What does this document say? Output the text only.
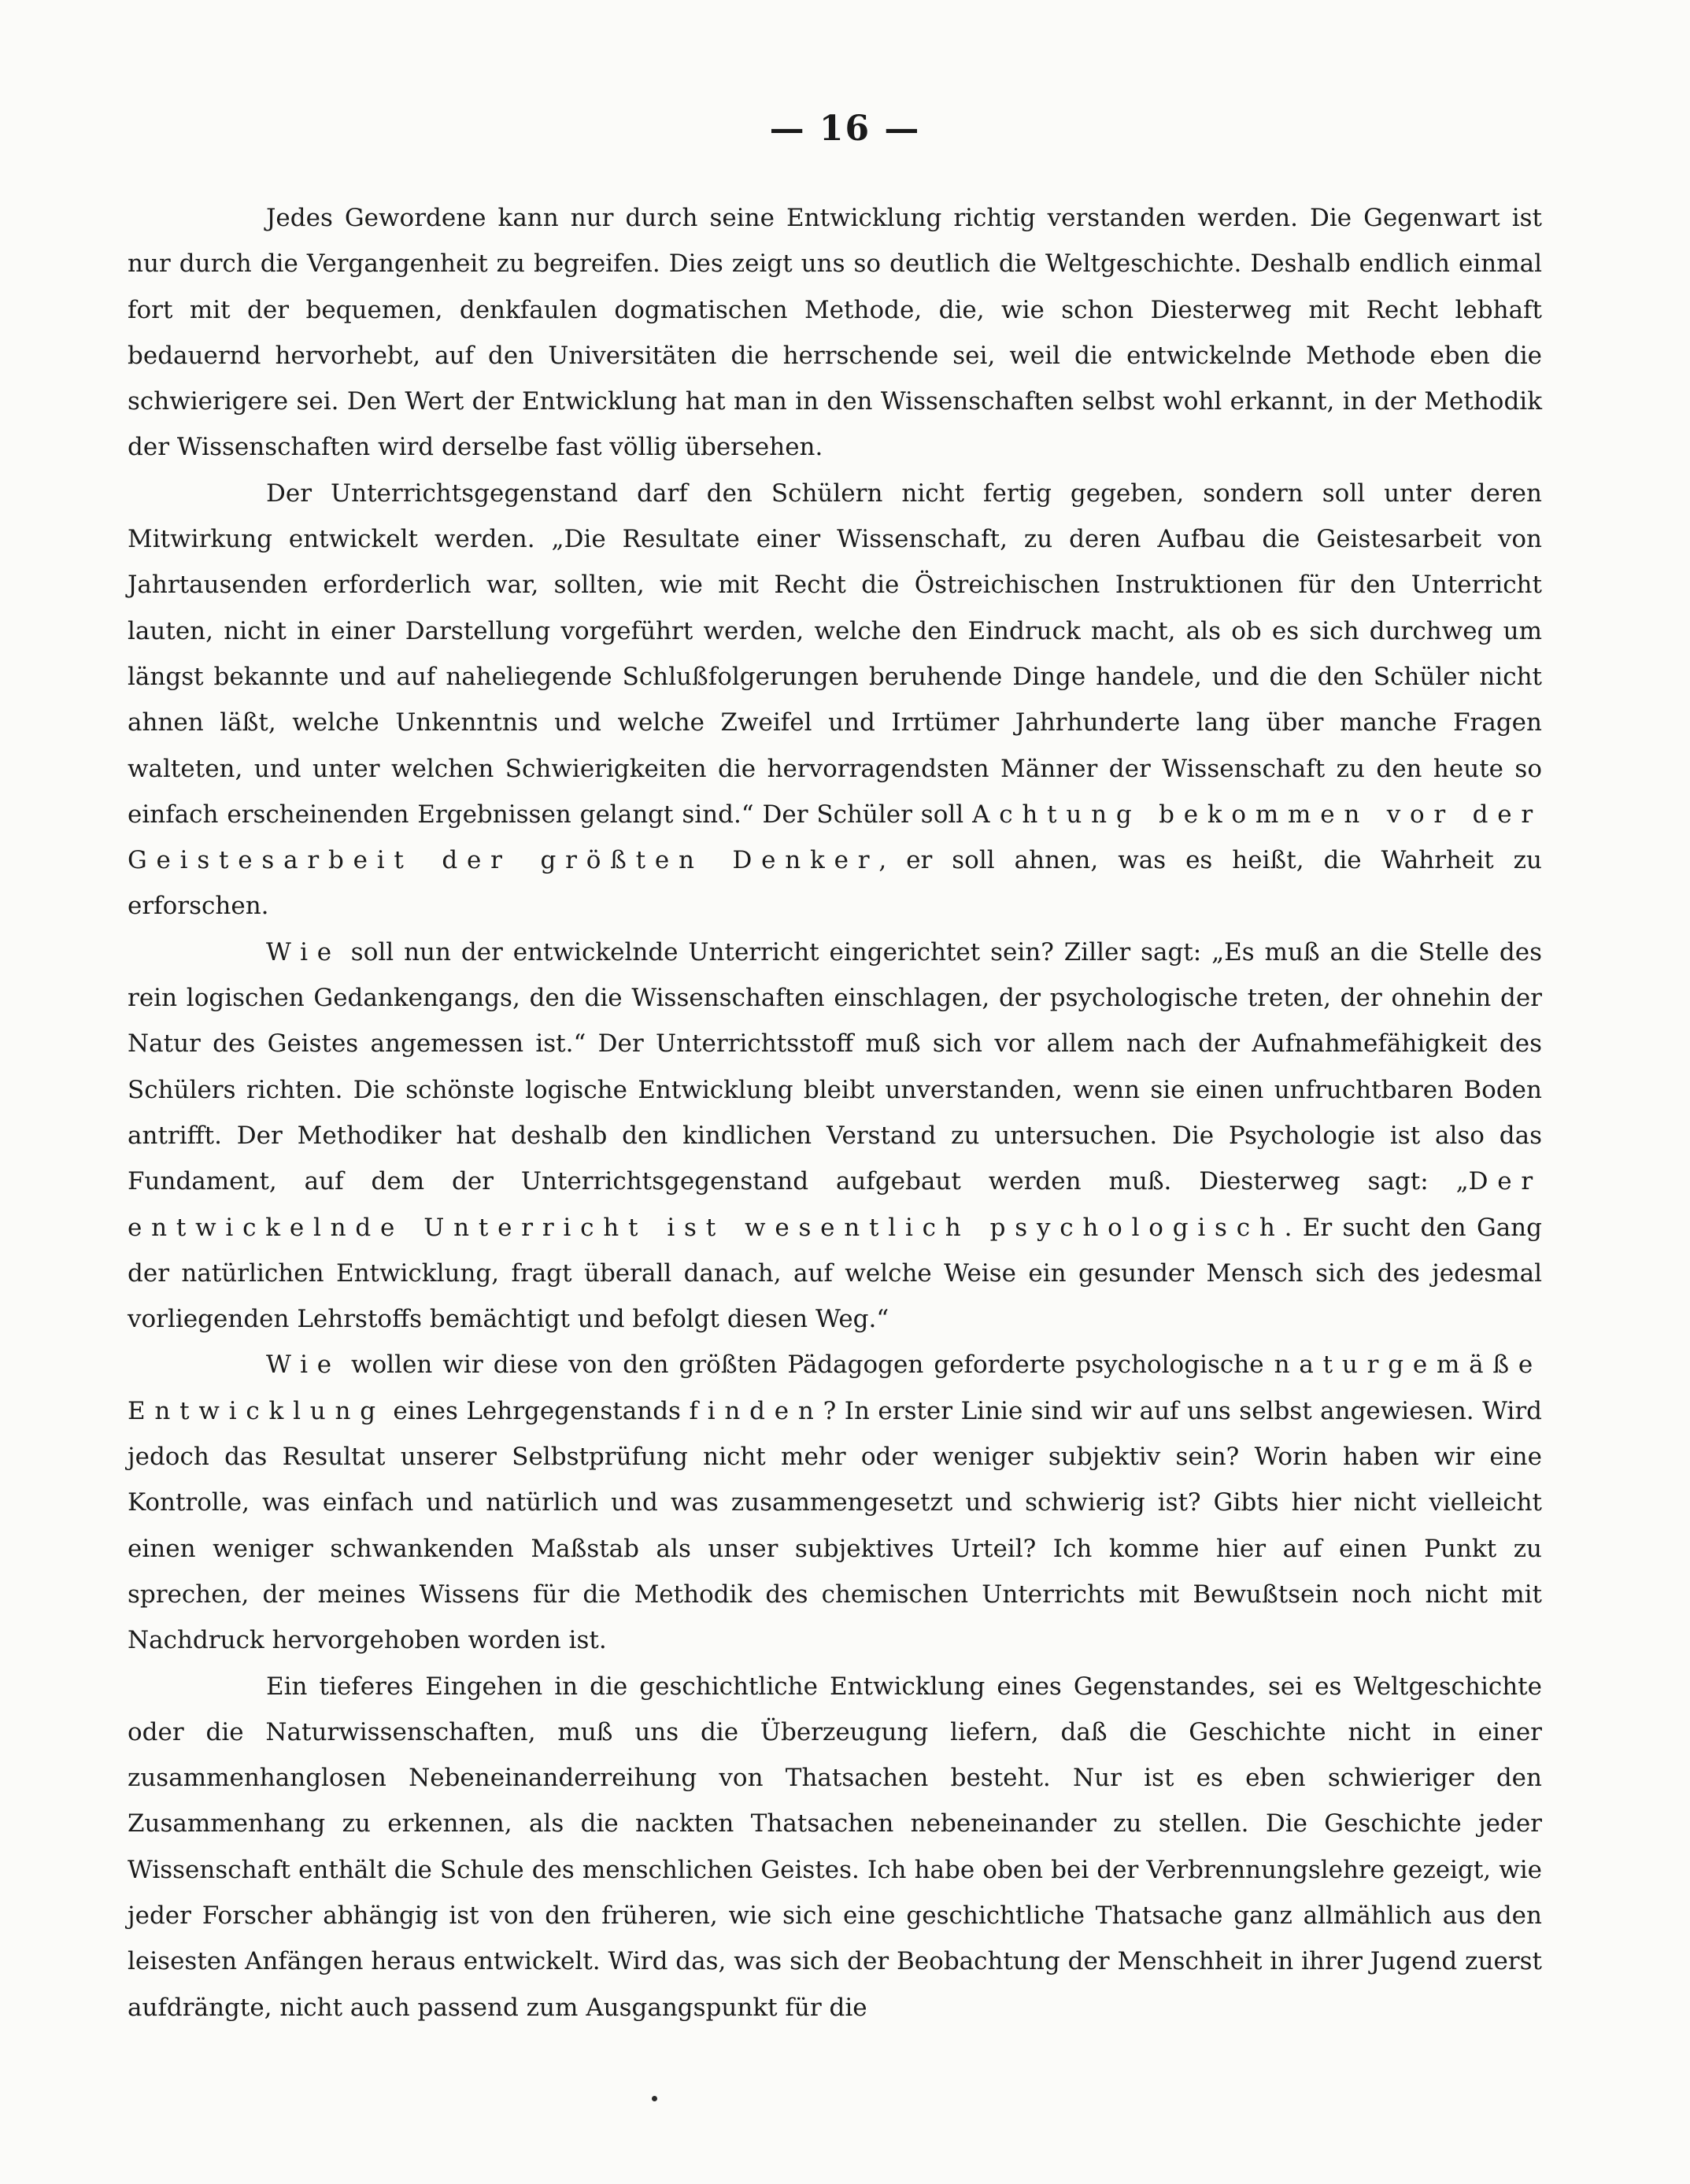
— 16 —

Jedes Gewordene kann nur durch seine Entwicklung richtig verstanden werden. Die Gegenwart ist nur durch die Vergangenheit zu begreifen. Dies zeigt uns so deutlich die Weltgeschichte. Deshalb endlich einmal fort mit der bequemen, denkfaulen dogmatischen Methode, die, wie schon Diesterweg mit Recht lebhaft bedauernd hervorhebt, auf den Universitäten die herrschende sei, weil die entwickelnde Methode eben die schwierigere sei. Den Wert der Entwicklung hat man in den Wissenschaften selbst wohl erkannt, in der Methodik der Wissenschaften wird derselbe fast völlig übersehen.

Der Unterrichtsgegenstand darf den Schülern nicht fertig gegeben, sondern soll unter deren Mitwirkung entwickelt werden. „Die Resultate einer Wissenschaft, zu deren Aufbau die Geistesarbeit von Jahrtausenden erforderlich war, sollten, wie mit Recht die Östreichischen Instruktionen für den Unterricht lauten, nicht in einer Darstellung vorgeführt werden, welche den Eindruck macht, als ob es sich durchweg um längst bekannte und auf naheliegende Schlußfolgerungen beruhende Dinge handele, und die den Schüler nicht ahnen läßt, welche Unkenntnis und welche Zweifel und Irrtümer Jahrhunderte lang über manche Fragen walteten, und unter welchen Schwierigkeiten die hervorragendsten Männer der Wissenschaft zu den heute so einfach erscheinenden Ergebnissen gelangt sind.“ Der Schüler soll Achtung bekommen vor der Geistesarbeit der größten Denker, er soll ahnen, was es heißt, die Wahrheit zu erforschen.

Wie soll nun der entwickelnde Unterricht eingerichtet sein? Ziller sagt: „Es muß an die Stelle des rein logischen Gedankengangs, den die Wissenschaften einschlagen, der psychologische treten, der ohnehin der Natur des Geistes angemessen ist.“ Der Unterrichtsstoff muß sich vor allem nach der Aufnahmefähigkeit des Schülers richten. Die schönste logische Entwicklung bleibt unverstanden, wenn sie einen unfruchtbaren Boden antrifft. Der Methodiker hat deshalb den kindlichen Verstand zu untersuchen. Die Psychologie ist also das Fundament, auf dem der Unterrichtsgegenstand aufgebaut werden muß. Diesterweg sagt: „Der entwickelnde Unterricht ist wesentlich psychologisch. Er sucht den Gang der natürlichen Entwicklung, fragt überall danach, auf welche Weise ein gesunder Mensch sich des jedesmal vorliegenden Lehrstoffs bemächtigt und befolgt diesen Weg.“

Wie wollen wir diese von den größten Pädagogen geforderte psychologische naturgemäße Entwicklung eines Lehrgegenstands finden? In erster Linie sind wir auf uns selbst angewiesen. Wird jedoch das Resultat unserer Selbstprüfung nicht mehr oder weniger subjektiv sein? Worin haben wir eine Kontrolle, was einfach und natürlich und was zusammengesetzt und schwierig ist? Gibts hier nicht vielleicht einen weniger schwankenden Maßstab als unser subjektives Urteil? Ich komme hier auf einen Punkt zu sprechen, der meines Wissens für die Methodik des chemischen Unterrichts mit Bewußtsein noch nicht mit Nachdruck hervorgehoben worden ist.

Ein tieferes Eingehen in die geschichtliche Entwicklung eines Gegenstandes, sei es Weltgeschichte oder die Naturwissenschaften, muß uns die Überzeugung liefern, daß die Geschichte nicht in einer zusammenhanglosen Nebeneinanderreihung von Thatsachen besteht. Nur ist es eben schwieriger den Zusammenhang zu erkennen, als die nackten Thatsachen nebeneinander zu stellen. Die Geschichte jeder Wissenschaft enthält die Schule des menschlichen Geistes. Ich habe oben bei der Verbrennungslehre gezeigt, wie jeder Forscher abhängig ist von den früheren, wie sich eine geschichtliche Thatsache ganz allmählich aus den leisesten Anfängen heraus entwickelt. Wird das, was sich der Beobachtung der Menschheit in ihrer Jugend zuerst aufdrängte, nicht auch passend zum Ausgangspunkt für die
